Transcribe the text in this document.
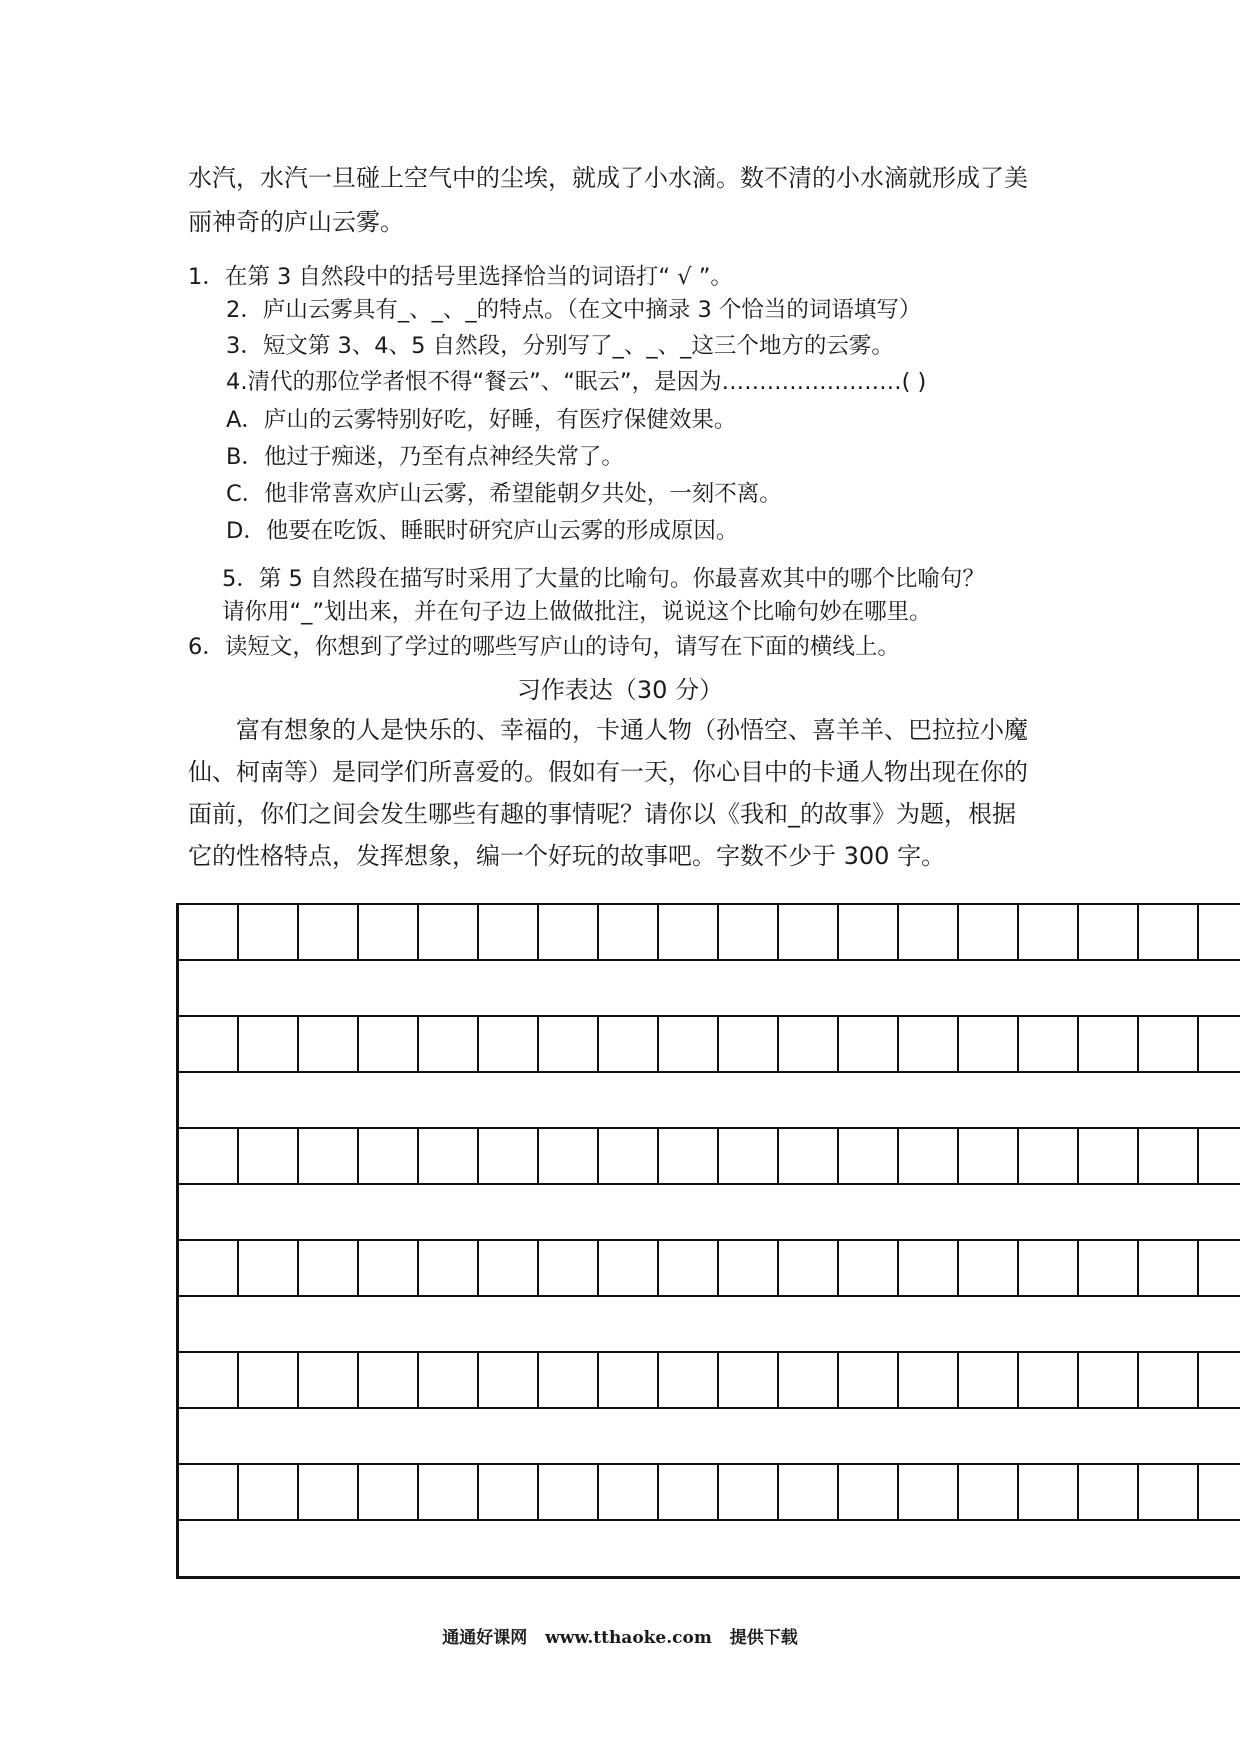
水汽，水汽一旦碰上空气中的尘埃，就成了小水滴。数不清的小水滴就形成了美
丽神奇的庐山云雾。
1．在第 3 自然段中的括号里选择恰当的词语打“ √ ”。
2．庐山云雾具有_、_、_的特点。（在文中摘录 3 个恰当的词语填写）
3．短文第 3、4、5 自然段，分别写了_、_、_这三个地方的云雾。
4.清代的那位学者恨不得“餐云”、“眠云”，是因为……………………( )
A．庐山的云雾特别好吃，好睡，有医疗保健效果。
B．他过于痴迷，乃至有点神经失常了。
C．他非常喜欢庐山云雾，希望能朝夕共处，一刻不离。
D．他要在吃饭、睡眠时研究庐山云雾的形成原因。
5．第 5 自然段在描写时采用了大量的比喻句。你最喜欢其中的哪个比喻句？
请你用“_”划出来，并在句子边上做做批注，说说这个比喻句妙在哪里。
6．读短文，你想到了学过的哪些写庐山的诗句，请写在下面的横线上。
习作表达（30 分）
富有想象的人是快乐的、幸福的，卡通人物（孙悟空、喜羊羊、巴拉拉小魔
仙、柯南等）是同学们所喜爱的。假如有一天，你心目中的卡通人物出现在你的
面前，你们之间会发生哪些有趣的事情呢？请你以《我和_的故事》为题，根据
它的性格特点，发挥想象，编一个好玩的故事吧。字数不少于 300 字。
通通好课网 www.tthaoke.com 提供下载
